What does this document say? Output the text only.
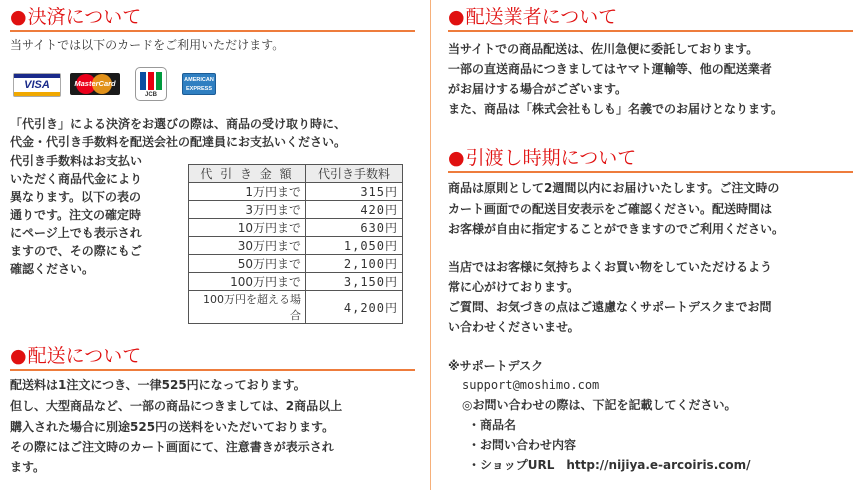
●決済について
当サイトでは以下のカードをご利用いただけます。
VISA	MasterCard
JCB
AMERICAN EXPRESS
「代引き」による決済をお選びの際は、商品の受け取り時に、
代金・代引き手数料を配送会社の配達員にお支払いください。
代引き手数料はお支払い
いただく商品代金により
異なります。以下の表の
通りです。注文の確定時
にページ上でも表示され
ますので、その際にもご
確認ください。
代 引 き 金 額	代引き手数料
1万円まで	315円
3万円まで	420円
10万円まで	630円
30万円まで	1,050円
50万円まで	2,100円
100万円まで	3,150円
100万円を超える場合	4,200円
●配送について
配送料は1注文につき、一律525円になっております。
但し、大型商品など、一部の商品につきましては、2商品以上
購入された場合に別途525円の送料をいただいております。
その際にはご注文時のカート画面にて、注意書きが表示され
ます。
●配送業者について
当サイトでの商品配送は、佐川急便に委託しております。
一部の直送商品につきましてはヤマト運輸等、他の配送業者
がお届けする場合がございます。
また、商品は「株式会社もしも」名義でのお届けとなります。
●引渡し時期について
商品は原則として2週間以内にお届けいたします。ご注文時の
カート画面での配送目安表示をご確認ください。配送時間は
お客様が自由に指定することができますのでご利用ください。
当店ではお客様に気持ちよくお買い物をしていただけるよう
常に心がけております。
ご質問、お気づきの点はご遠慮なくサポートデスクまでお問
い合わせくださいませ。
※サポートデスク
support@moshimo.com
◎お問い合わせの際は、下記を記載してください。
・商品名
・お問い合わせ内容
・ショップURL　http://nijiya.e-arcoiris.com/
